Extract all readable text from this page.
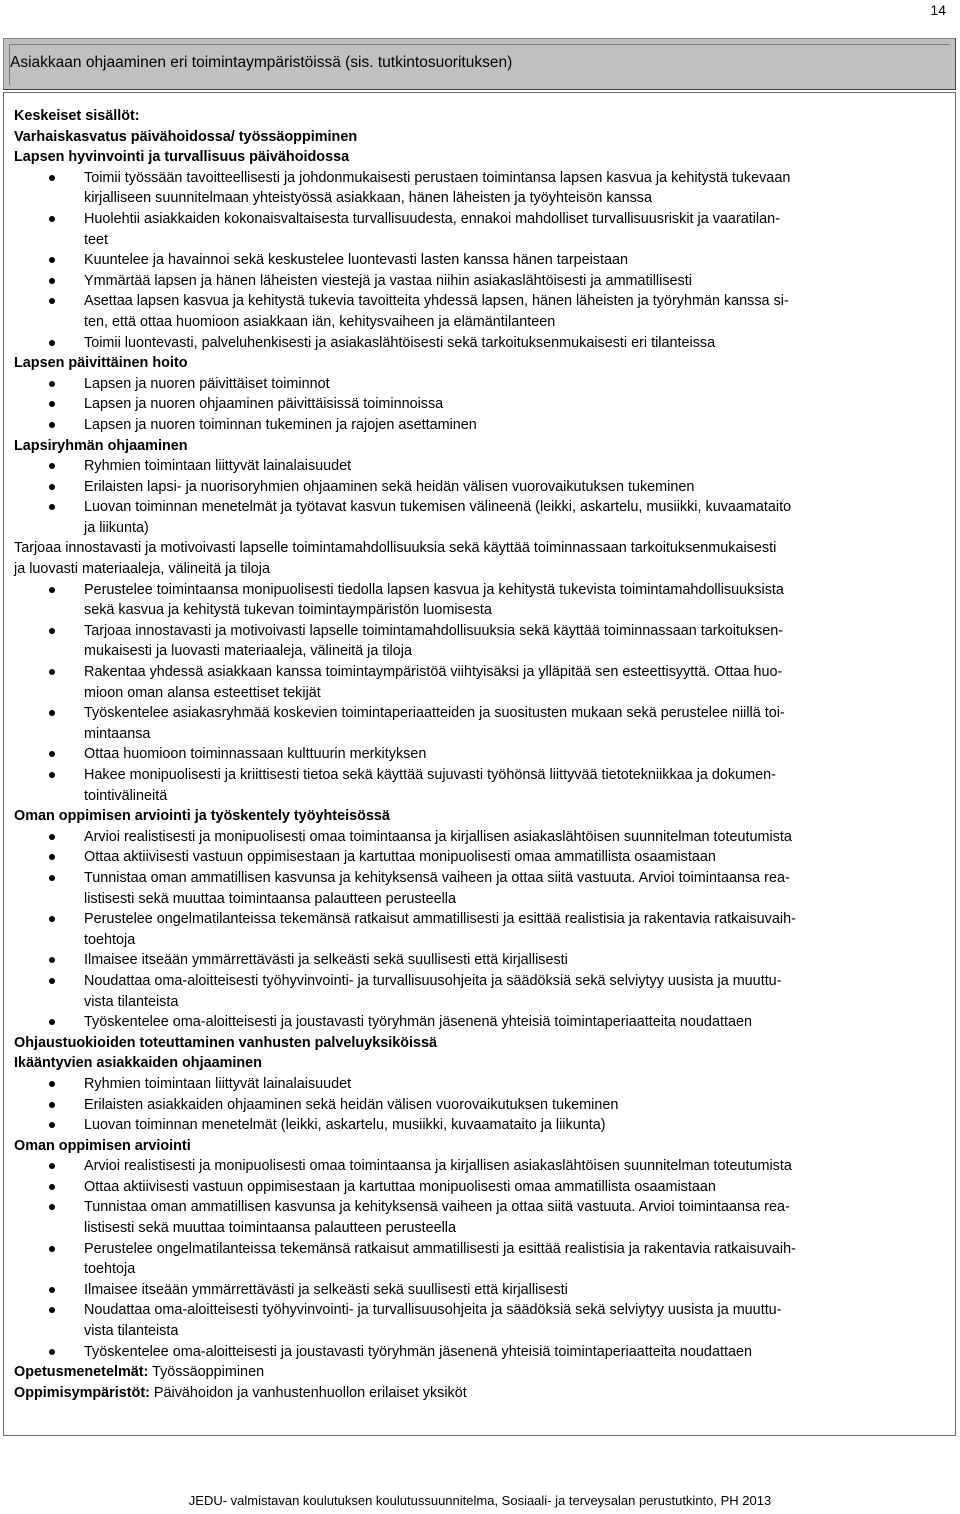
14
Asiakkaan ohjaaminen eri toimintaympäristöissä (sis. tutkintosuorituksen)
Keskeiset sisällöt:
Varhaiskasvatus päivähoidossa/ työssäoppiminen
Lapsen hyvinvointi ja turvallisuus päivähoidossa
Toimii työssään tavoitteellisesti ja johdonmukaisesti perustaen toimintansa lapsen kasvua ja kehitystä tukevaan
kirjalliseen suunnitelmaan yhteistyössä asiakkaan, hänen läheisten ja työyhteisön kanssa
Huolehtii asiakkaiden kokonaisvaltaisesta turvallisuudesta, ennakoi mahdolliset turvallisuusriskit ja vaaratilan-
teet
Kuuntelee ja havainnoi sekä keskustelee luontevasti lasten kanssa hänen tarpeistaan
Ymmärtää lapsen ja hänen läheisten viestejä ja vastaa niihin asiakaslähtöisesti ja ammatillisesti
Asettaa lapsen kasvua ja kehitystä tukevia tavoitteita yhdessä lapsen, hänen läheisten ja työryhmän kanssa si-
ten, että ottaa huomioon asiakkaan iän, kehitysvaiheen ja elämäntilanteen
Toimii luontevasti, palveluhenkisesti ja asiakaslähtöisesti sekä tarkoituksenmukaisesti eri tilanteissa
Lapsen päivittäinen hoito
Lapsen ja nuoren päivittäiset toiminnot
Lapsen ja nuoren ohjaaminen päivittäisissä toiminnoissa
Lapsen ja nuoren toiminnan tukeminen ja rajojen asettaminen
Lapsiryhmän ohjaaminen
Ryhmien toimintaan liittyvät lainalaisuudet
Erilaisten lapsi- ja nuorisoryhmien ohjaaminen sekä heidän välisen vuorovaikutuksen tukeminen
Luovan toiminnan menetelmät ja työtavat kasvun tukemisen välineenä (leikki, askartelu, musiikki, kuvaamataito
ja liikunta)
Tarjoaa innostavasti ja motivoivasti lapselle toimintamahdollisuuksia sekä käyttää toiminnassaan tarkoituksenmukaisesti
ja luovasti materiaaleja, välineitä ja tiloja
Perustelee toimintaansa monipuolisesti tiedolla lapsen kasvua ja kehitystä tukevista toimintamahdollisuuksista
sekä kasvua ja kehitystä tukevan toimintaympäristön luomisesta
Tarjoaa innostavasti ja motivoivasti lapselle toimintamahdollisuuksia sekä käyttää toiminnassaan tarkoituksen-
mukaisesti ja luovasti materiaaleja, välineitä ja tiloja
Rakentaa yhdessä asiakkaan kanssa toimintaympäristöä viihtyisäksi ja ylläpitää sen esteettisyyttä. Ottaa huo-
mioon oman alansa esteettiset tekijät
Työskentelee asiakasryhmää koskevien toimintaperiaatteiden ja suositusten mukaan sekä perustelee niillä toi-
mintaansa
Ottaa huomioon toiminnassaan kulttuurin merkityksen
Hakee monipuolisesti ja kriittisesti tietoa sekä käyttää sujuvasti työhönsä liittyvää tietotekniikkaa ja dokumen-
tointivälineitä
Oman oppimisen arviointi ja työskentely työyhteisössä
Arvioi realistisesti ja monipuolisesti omaa toimintaansa ja kirjallisen asiakaslähtöisen suunnitelman toteutumista
Ottaa aktiivisesti vastuun oppimisestaan ja kartuttaa monipuolisesti omaa ammatillista osaamistaan
Tunnistaa oman ammatillisen kasvunsa ja kehityksensä vaiheen ja ottaa siitä vastuuta. Arvioi toimintaansa rea-
listisesti sekä muuttaa toimintaansa palautteen perusteella
Perustelee ongelmatilanteissa tekemänsä ratkaisut ammatillisesti ja esittää realistisia ja rakentavia ratkaisuvaih-
toehtoja
Ilmaisee itseään ymmärrettävästi ja selkeästi sekä suullisesti että kirjallisesti
Noudattaa oma-aloitteisesti työhyvinvointi- ja turvallisuusohjeita ja säädöksiä sekä selviytyy uusista ja muuttu-
vista tilanteista
Työskentelee oma-aloitteisesti ja joustavasti työryhmän jäsenenä yhteisiä toimintaperiaatteita noudattaen
Ohjaustuokioiden toteuttaminen vanhusten palveluyksiköissä
Ikääntyvien asiakkaiden ohjaaminen
Ryhmien toimintaan liittyvät lainalaisuudet
Erilaisten asiakkaiden ohjaaminen sekä heidän välisen vuorovaikutuksen tukeminen
Luovan toiminnan menetelmät (leikki, askartelu, musiikki, kuvaamataito ja liikunta)
Oman oppimisen arviointi
Arvioi realistisesti ja monipuolisesti omaa toimintaansa ja kirjallisen asiakaslähtöisen suunnitelman toteutumista
Ottaa aktiivisesti vastuun oppimisestaan ja kartuttaa monipuolisesti omaa ammatillista osaamistaan
Tunnistaa oman ammatillisen kasvunsa ja kehityksensä vaiheen ja ottaa siitä vastuuta. Arvioi toimintaansa rea-
listisesti sekä muuttaa toimintaansa palautteen perusteella
Perustelee ongelmatilanteissa tekemänsä ratkaisut ammatillisesti ja esittää realistisia ja rakentavia ratkaisuvaih-
toehtoja
Ilmaisee itseään ymmärrettävästi ja selkeästi sekä suullisesti että kirjallisesti
Noudattaa oma-aloitteisesti työhyvinvointi- ja turvallisuusohjeita ja säädöksiä sekä selviytyy uusista ja muuttu-
vista tilanteista
Työskentelee oma-aloitteisesti ja joustavasti työryhmän jäsenenä yhteisiä toimintaperiaatteita noudattaen
Opetusmenetelmät: Työssäoppiminen
Oppimisympäristöt: Päivähoidon ja vanhustenhuollon erilaiset yksiköt
JEDU- valmistavan koulutuksen koulutussuunnitelma, Sosiaali- ja terveysalan perustutkinto, PH 2013
